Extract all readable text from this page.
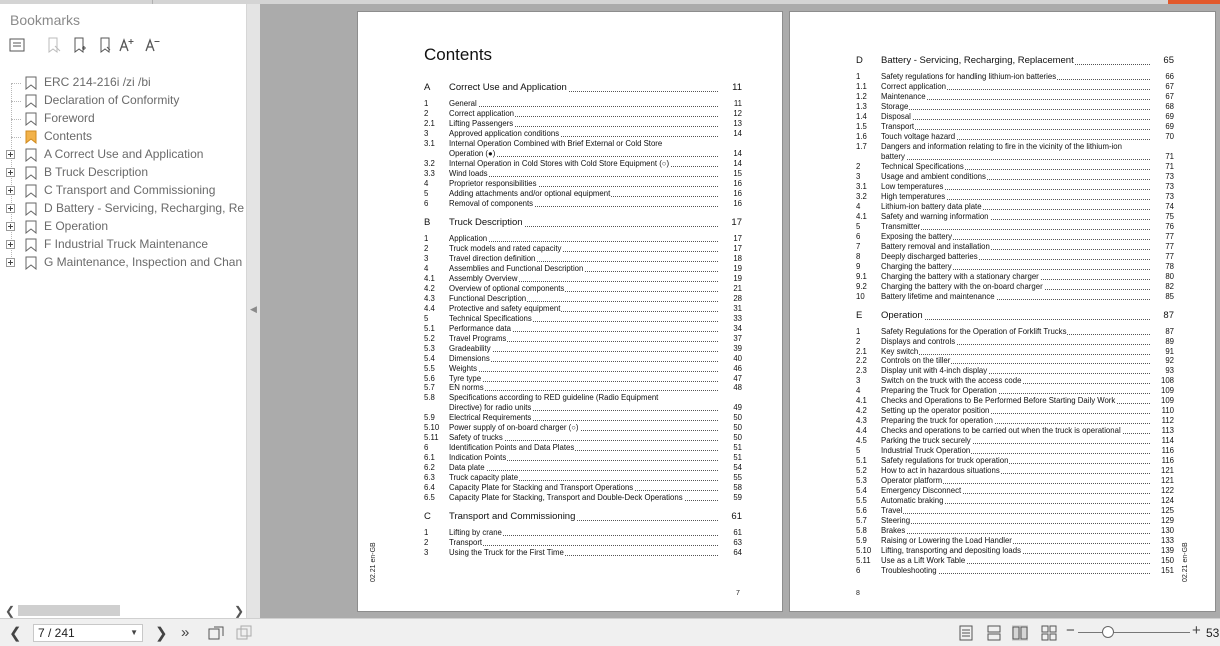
Bookmarks
ERC 214-216i /zi /bi
Declaration of Conformity
Foreword
Contents
A Correct Use and Application
B Truck Description
C Transport and Commissioning
D Battery - Servicing, Recharging, Re
E Operation
F Industrial Truck Maintenance
G Maintenance, Inspection and Chan
❮	❯
◀
Contents
A Correct Use and Application	11
1	General	11
2	Correct application	12
2.1 Lifting Passengers	13
3	Approved application conditions	14
3.1 Internal Operation Combined with Brief External or Cold Store
Operation (●)	14
3.2 Internal Operation in Cold Stores with Cold Store Equipment (○)	14
3.3 Wind loads	15
4	Proprietor responsibilities	16
5	Adding attachments and/or optional equipment	16
6	Removal of components	16
B Truck Description	17
1	Application	17
2	Truck models and rated capacity	17
3	Travel direction definition	18
4	Assemblies and Functional Description	19
4.1 Assembly Overview	19
4.2 Overview of optional components	21
4.3 Functional Description	28
4.4 Protective and safety equipment	31
5	Technical Specifications	33
5.1 Performance data	34
5.2 Travel Programs	37
5.3 Gradeability	39
5.4 Dimensions	40
5.5 Weights	46
5.6 Tyre type	47
5.7 EN norms	48
5.8 Specifications according to RED guideline (Radio Equipment
Directive) for radio units	49
5.9 Electrical Requirements	50
5.10 Power supply of on-board charger (○)	50
5.11 Safety of trucks	50
6	Identification Points and Data Plates	51
6.1 Indication Points	51
6.2 Data plate	54
6.3 Truck capacity plate	55
6.4 Capacity Plate for Stacking and Transport Operations	58
6.5 Capacity Plate for Stacking, Transport and Double-Deck Operations	59
C Transport and Commissioning	61
1	Lifting by crane	61
2	Transport	63
3	Using the Truck for the First Time	64
02.21 en-GB
7
D Battery - Servicing, Recharging, Replacement	65
1	Safety regulations for handling lithium-ion batteries	66
1.1 Correct application	67
1.2 Maintenance	67
1.3 Storage	68
1.4 Disposal	69
1.5 Transport	69
1.6 Touch voltage hazard	70
1.7 Dangers and information relating to fire in the vicinity of the lithium-ion
battery	71
2	Technical Specifications	71
3	Usage and ambient conditions	73
3.1 Low temperatures	73
3.2 High temperatures	73
4	Lithium-ion battery data plate	74
4.1 Safety and warning information	75
5	Transmitter	76
6	Exposing the battery	77
7	Battery removal and installation	77
8	Deeply discharged batteries	77
9	Charging the battery	78
9.1 Charging the battery with a stationary charger	80
9.2 Charging the battery with the on-board charger	82
10 Battery lifetime and maintenance	85
E Operation	87
1	Safety Regulations for the Operation of Forklift Trucks	87
2	Displays and controls	89
2.1 Key switch	91
2.2 Controls on the tiller	92
2.3 Display unit with 4-inch display	93
3	Switch on the truck with the access code	108
4	Preparing the Truck for Operation	109
4.1 Checks and Operations to Be Performed Before Starting Daily Work	109
4.2 Setting up the operator position	110
4.3 Preparing the truck for operation	112
4.4 Checks and operations to be carried out when the truck is operational	113
4.5 Parking the truck securely	114
5	Industrial Truck Operation	116
5.1 Safety regulations for truck operation	116
5.2 How to act in hazardous situations	121
5.3 Operator platform	121
5.4 Emergency Disconnect	122
5.5 Automatic braking	124
5.6 Travel	125
5.7 Steering	129
5.8 Brakes	130
5.9 Raising or Lowering the Load Handler	133
5.10 Lifting, transporting and depositing loads	139
5.11 Use as a Lift Work Table	150
6	Troubleshooting	151 02.21 en-GB
8
❮	7 / 241	▼ ❯ »	−	+ 53
